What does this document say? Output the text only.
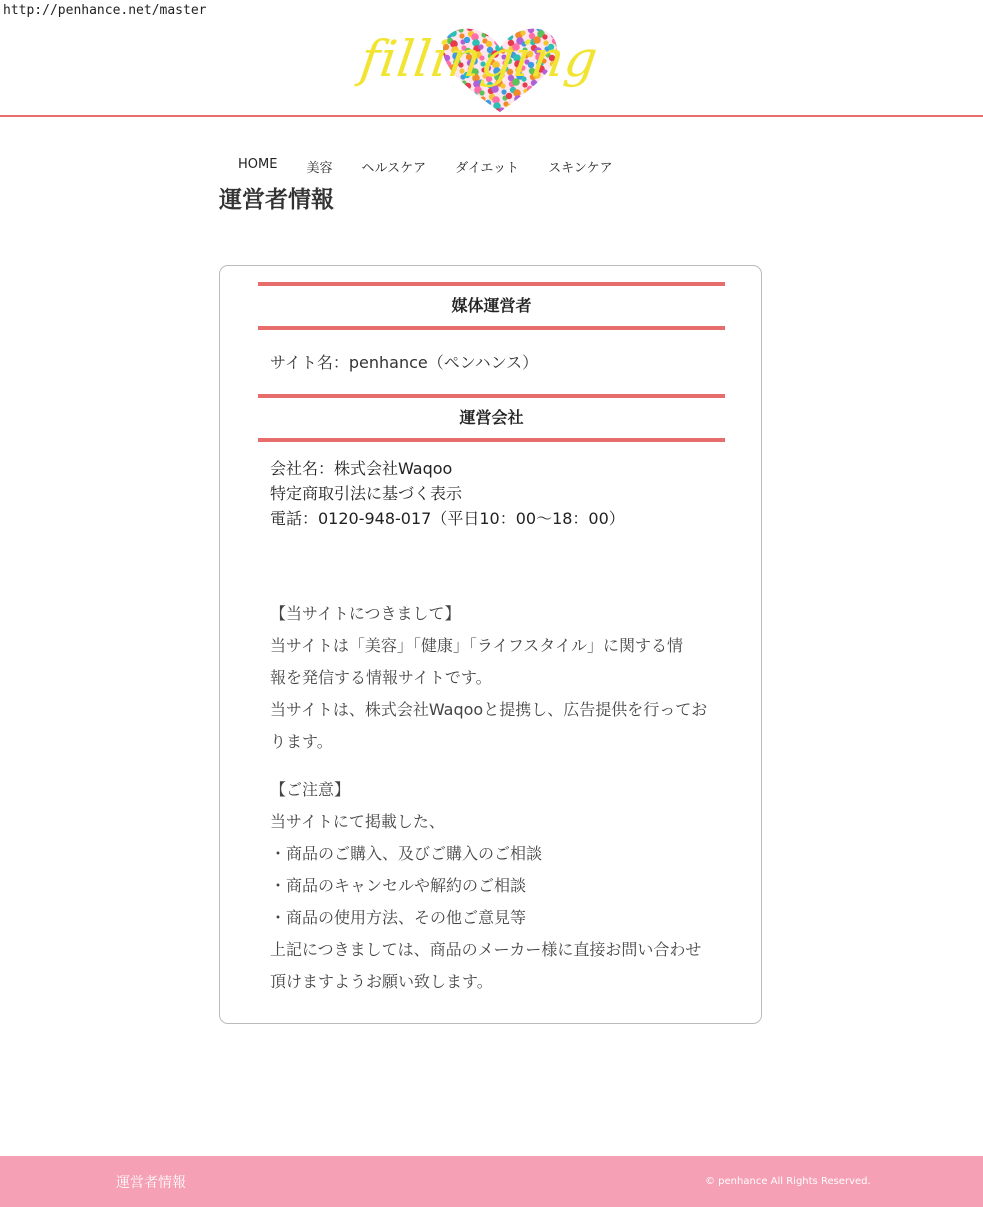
http://penhance.net/master
fillinging
HOME 美容 ヘルスケア ダイエット スキンケア
運営者情報
媒体運営者
サイト名：penhance（ペンハンス）
運営会社
会社名：株式会社Waqoo
特定商取引法に基づく表示
電話：0120-948-017（平日10：00〜18：00）
【当サイトにつきまして】
当サイトは「美容」「健康」「ライフスタイル」に関する情
報を発信する情報サイトです。
当サイトは、株式会社Waqooと提携し、広告提供を行ってお
ります。
【ご注意】
当サイトにて掲載した、
・商品のご購入、及びご購入のご相談
・商品のキャンセルや解約のご相談
・商品の使用方法、その他ご意見等
上記につきましては、商品のメーカー様に直接お問い合わせ
頂けますようお願い致します。
運営者情報	© penhance All Rights Reserved.
